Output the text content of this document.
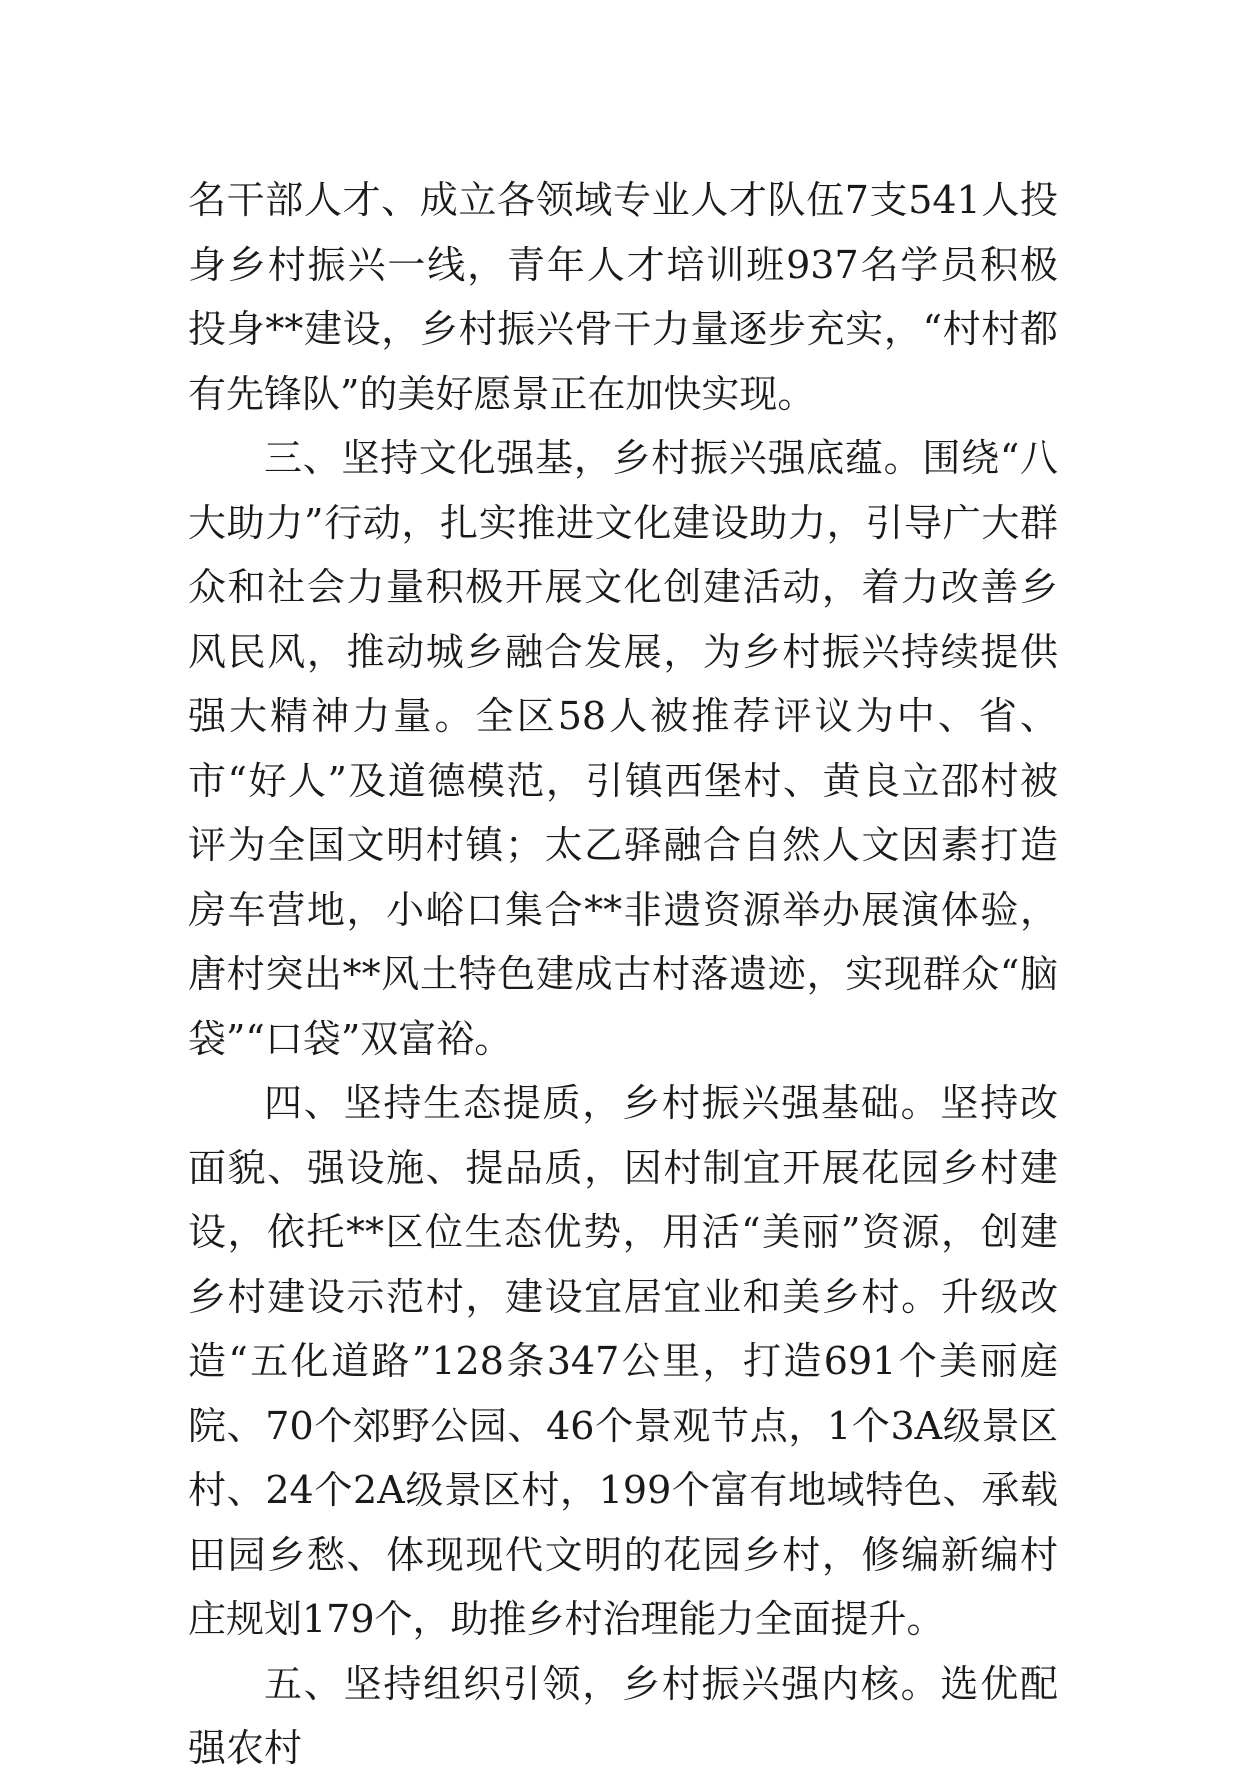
名干部人才、成立各领域专业人才队伍7支541人投身乡村振兴一线，青年人才培训班937名学员积极投身**建设，乡村振兴骨干力量逐步充实，“村村都有先锋队”的美好愿景正在加快实现。

三、坚持文化强基，乡村振兴强底蕴。围绕“八大助力”行动，扎实推进文化建设助力，引导广大群众和社会力量积极开展文化创建活动，着力改善乡风民风，推动城乡融合发展，为乡村振兴持续提供强大精神力量。全区58人被推荐评议为中、省、市“好人”及道德模范，引镇西堡村、黄良立邵村被评为全国文明村镇；太乙驿融合自然人文因素打造房车营地，小峪口集合**非遗资源举办展演体验，唐村突出**风土特色建成古村落遗迹，实现群众“脑袋”“口袋”双富裕。

四、坚持生态提质，乡村振兴强基础。坚持改面貌、强设施、提品质，因村制宜开展花园乡村建设，依托**区位生态优势，用活“美丽”资源，创建乡村建设示范村，建设宜居宜业和美乡村。升级改造“五化道路”128条347公里，打造691个美丽庭院、70个郊野公园、46个景观节点，1个3A级景区村、24个2A级景区村，199个富有地域特色、承载田园乡愁、体现现代文明的花园乡村，修编新编村庄规划179个，助推乡村治理能力全面提升。

五、坚持组织引领，乡村振兴强内核。选优配强农村
